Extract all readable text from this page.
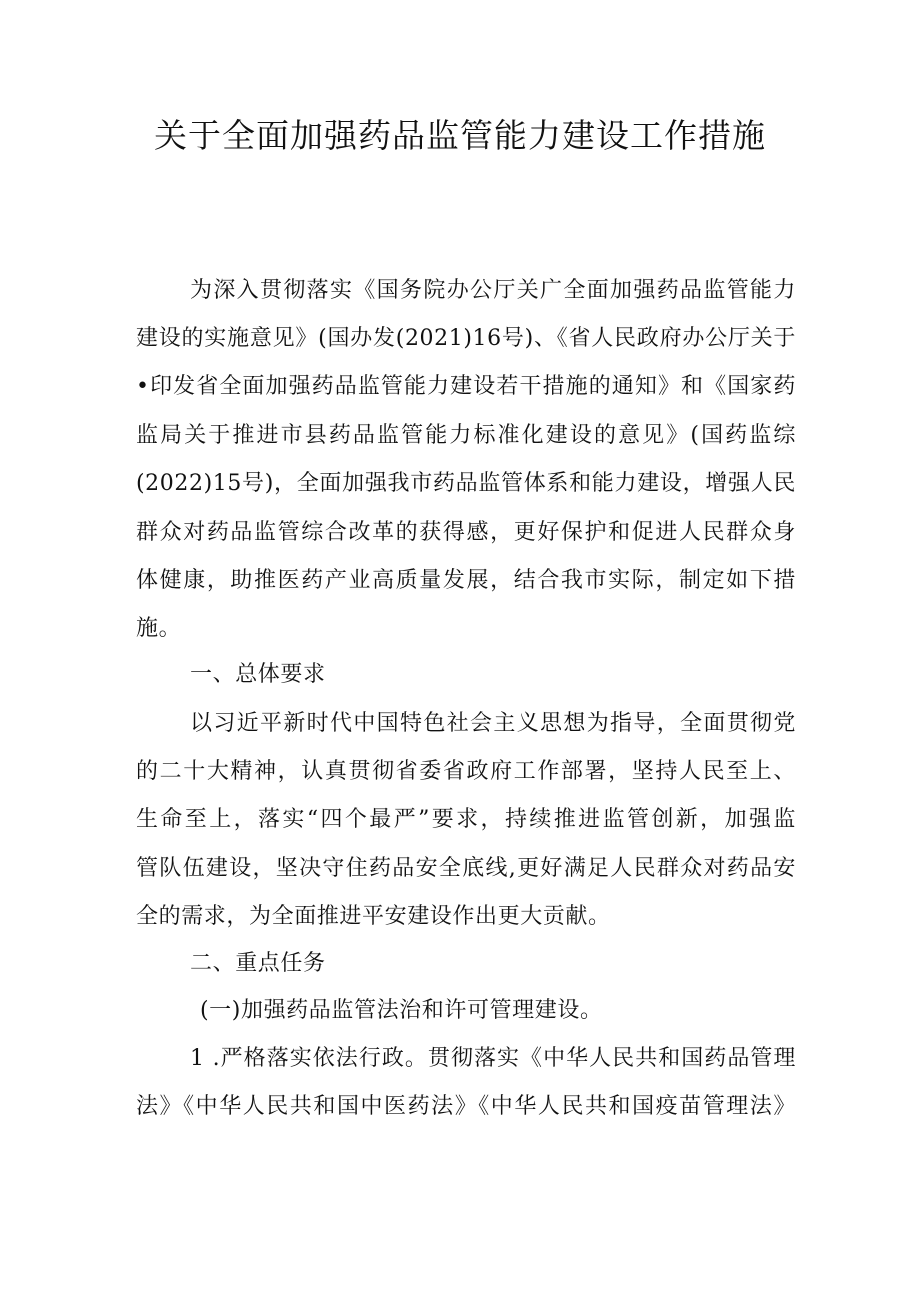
关于全面加强药品监管能力建设工作措施

为深入贯彻落实《国务院办公厅关广全面加强药品监管能力

建设的实施意见》(国办发(2021)16号)、《省人民政府办公厅关于

•印发省全面加强药品监管能力建设若干措施的通知》和《国家药

监局关于推进市县药品监管能力标准化建设的意见》(国药监综

(2022)15号)，全面加强我市药品监管体系和能力建设，增强人民

群众对药品监管综合改革的获得感，更好保护和促进人民群众身

体健康，助推医药产业高质量发展，结合我市实际，制定如下措

施。

一、总体要求

以习近平新时代中国特色社会主义思想为指导，全面贯彻党

的二十大精神，认真贯彻省委省政府工作部署，坚持人民至上、

生命至上，落实“四个最严”要求，持续推进监管创新，加强监

管队伍建设，坚决守住药品安全底线,更好满足人民群众对药品安

全的需求，为全面推进平安建设作出更大贡献。

二、重点任务

(一)加强药品监管法治和许可管理建设。

1 .严格落实依法行政。贯彻落实《中华人民共和国药品管理

法》《中华人民共和国中医药法》《中华人民共和国疫苗管理法》
